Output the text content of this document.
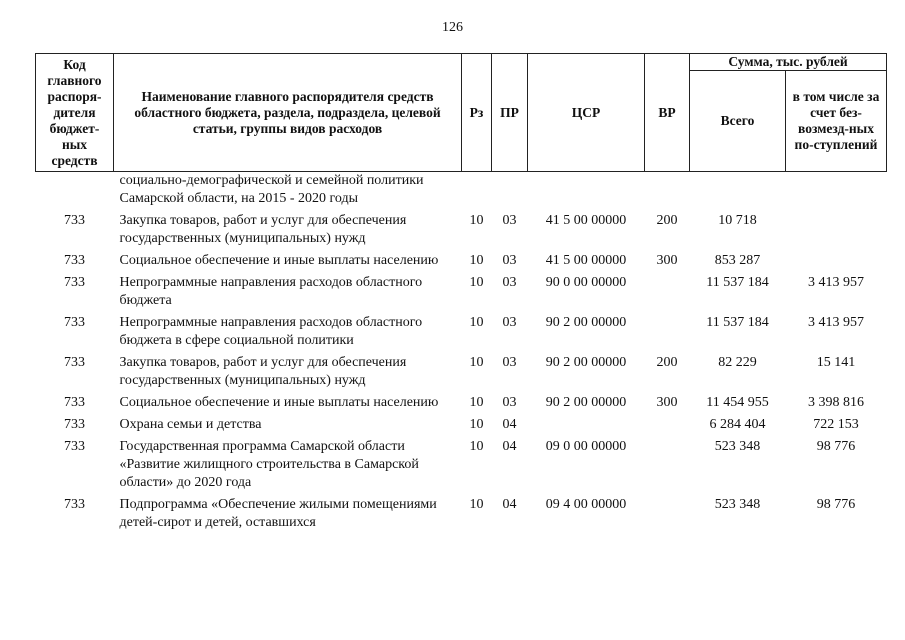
126
Код главного распоря-дителя бюджет-ных средств	Наименование главного распорядителя средств областного бюджета, раздела, подраздела, целевой статьи, группы видов расходов	Рз	ПР	ЦСР	ВР	Сумма, тыс. рублей	
						Всего	в том числе за счет без-возмезд-ных по-ступлений
	социально-демографической и семейной политики Самарской области, на 2015 - 2020 годы						
733	Закупка товаров, работ и услуг для обеспечения государственных (муниципальных) нужд	10	03	41 5 00 00000	200	10 718	
733	Социальное обеспечение и иные выплаты населению	10	03	41 5 00 00000	300	853 287	
733	Непрограммные направления расходов областного бюджета	10	03	90 0 00 00000		11 537 184	3 413 957
733	Непрограммные направления расходов областного бюджета в сфере социальной политики	10	03	90 2 00 00000		11 537 184	3 413 957
733	Закупка товаров, работ и услуг для обеспечения государственных (муниципальных) нужд	10	03	90 2 00 00000	200	82 229	15 141
733	Социальное обеспечение и иные выплаты населению	10	03	90 2 00 00000	300	11 454 955	3 398 816
733	Охрана семьи и детства	10	04			6 284 404	722 153
733	Государственная программа Самарской области «Развитие жилищного строительства в Самарской области» до 2020 года	10	04	09 0 00 00000		523 348	98 776
733	Подпрограмма «Обеспечение жилыми помещениями детей-сирот и детей, оставшихся	10	04	09 4 00 00000		523 348	98 776
